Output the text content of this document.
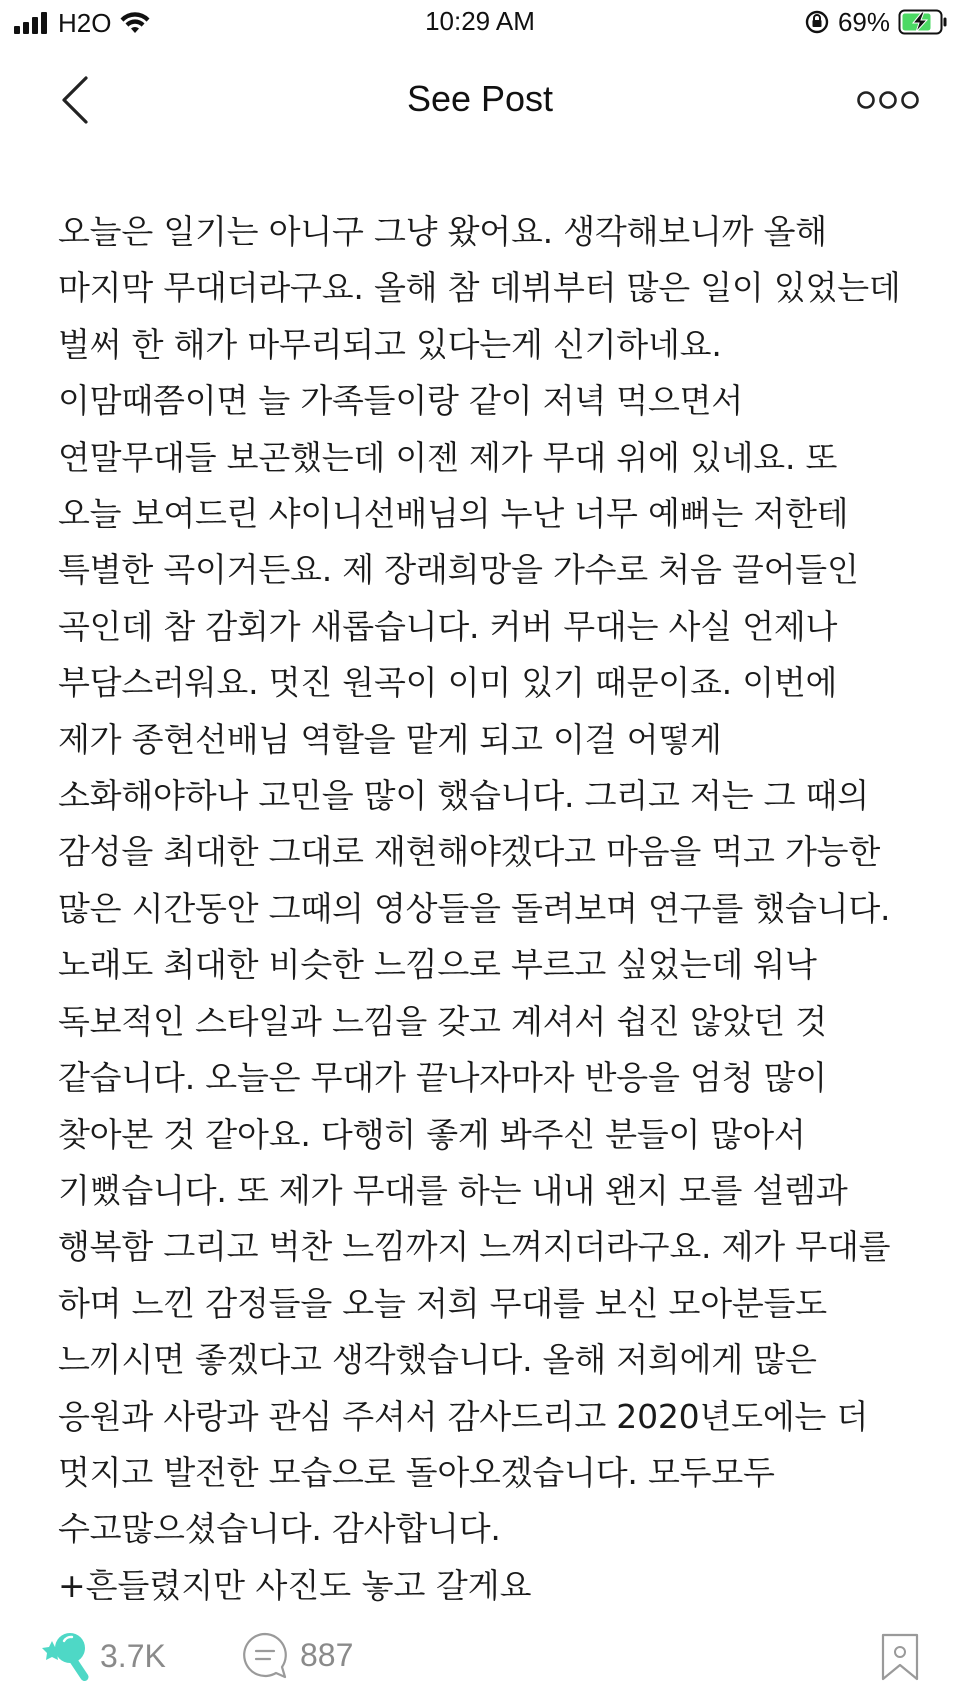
H2O	10:29 AM	69%
See Post
오늘은 일기는 아니구 그냥 왔어요. 생각해보니까 올해 마지막 무대더라구요. 올해 참 데뷔부터 많은 일이 있었는데 벌써 한 해가 마무리되고 있다는게 신기하네요. 이맘때쯤이면 늘 가족들이랑 같이 저녁 먹으면서 연말무대들 보곤했는데 이젠 제가 무대 위에 있네요. 또 오늘 보여드린 샤이니선배님의 누난 너무 예뻐는 저한테 특별한 곡이거든요. 제 장래희망을 가수로 처음 끌어들인 곡인데 참 감회가 새롭습니다. 커버 무대는 사실 언제나 부담스러워요. 멋진 원곡이 이미 있기 때문이죠. 이번에 제가 종현선배님 역할을 맡게 되고 이걸 어떻게 소화해야하나 고민을 많이 했습니다. 그리고 저는 그 때의 감성을 최대한 그대로 재현해야겠다고 마음을 먹고 가능한 많은 시간동안 그때의 영상들을 돌려보며 연구를 했습니다. 노래도 최대한 비슷한 느낌으로 부르고 싶었는데 워낙 독보적인 스타일과 느낌을 갖고 계셔서 쉽진 않았던 것 같습니다. 오늘은 무대가 끝나자마자 반응을 엄청 많이 찾아본 것 같아요. 다행히 좋게 봐주신 분들이 많아서 기뻤습니다. 또 제가 무대를 하는 내내 왠지 모를 설렘과 행복함 그리고 벅찬 느낌까지 느껴지더라구요. 제가 무대를 하며 느낀 감정들을 오늘 저희 무대를 보신 모아분들도 느끼시면 좋겠다고 생각했습니다. 올해 저희에게 많은 응원과 사랑과 관심 주셔서 감사드리고 2020년도에는 더 멋지고 발전한 모습으로 돌아오겠습니다. 모두모두 수고많으셨습니다. 감사합니다.
+흔들렸지만 사진도 놓고 갈게요
3.7K	887
